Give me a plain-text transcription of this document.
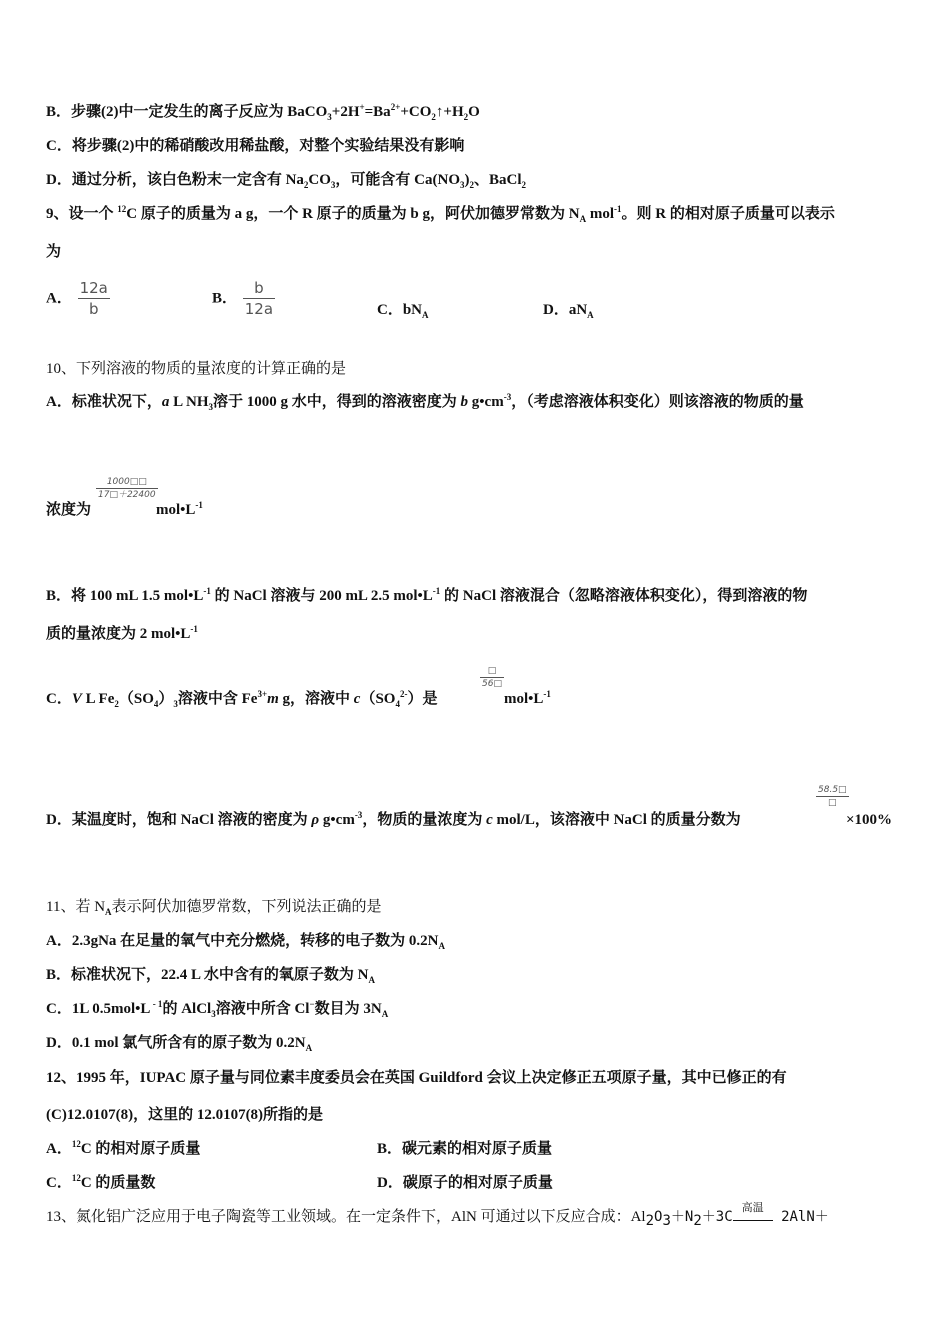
B．步骤(2)中一定发生的离子反应为 $BaCO_3+2H^+=Ba^{2+}+CO_2↑+H_2O$
C．将步骤(2)中的稀硝酸改用稀盐酸，对整个实验结果没有影响
D．通过分析，该白色粉末一定含有 $Na_2CO_3$，可能含有 $Ca(NO_3)_2$、BaCl$_2$
9、设一个 $^{12}$C 原子的质量为 a g，一个 R 原子的质量为 b g，阿伏加德罗常数为 $N_A$ mol$^{-1}$。则 R 的相对原子质量可以表示
为
A． $\frac{12a}{b}$	B． $\frac{b}{12a}$	C．$bN_A$	D．$aN_A$
10、下列溶液的物质的量浓度的计算正确的是
A．标准状况下，a L $NH_3$溶于 1000 g 水中，得到的溶液密度为 b $g•cm^{-3}$，（考虑溶液体积变化）则该溶液的物质的量
浓度为
$\frac{1000□□}{17□+22400}$
$mol•L^{-1}$
B．将 100 mL 1.5 $mol•L^{-1}$ 的 NaCl 溶液与 200 mL 2.5 $mol•L^{-1}$ 的 NaCl 溶液混合（忽略溶液体积变化），得到溶液的物
质的量浓度为 2 $mol•L^{-1}$
C．V L $Fe_2(SO_4)_3$溶液中含 $Fe^{3+}m$ g，溶液中 $c(SO_4^{2-})$是
□
56□
$mol•L^{-1}$
D．某温度时，饱和 NaCl 溶液的密度为 ρ $g•cm^{-3}$，物质的量浓度为 c mol/L，该溶液中 NaCl 的质量分数为
58.5□
□
×100%
11、若 $N_A$表示阿伏加德罗常数，下列说法正确的是
A．2.3gNa 在足量的氧气中充分燃烧，转移的电子数为 $0.2N_A$
B．标准状况下，22.4 L 水中含有的氧原子数为 $N_A$
C．1L 0.5mol•L $^{- 1}$的 AlCl$_3$溶液中所含 Cl−数目为 $3N_A$
D．0.1 mol 氯气所含有的原子数为 $0.2N_A$
12、1995 年，IUPAC 原子量与同位素丰度委员会在英国 Guildford 会议上决定修正五项原子量，其中已修正的有
(C)12.0107(8)，这里的 12.0107(8)所指的是
A．$^{12}$C 的相对原子质量	B．碳元素的相对原子质量
C．$^{12}$C 的质量数	D．碳原子的相对原子质量
13、氮化铝广泛应用于电子陶瓷等工业领域。在一定条件下，AlN 可通过以下反应合成：$Al_2O_3+N_2+3C$
高温
2AlN＋
